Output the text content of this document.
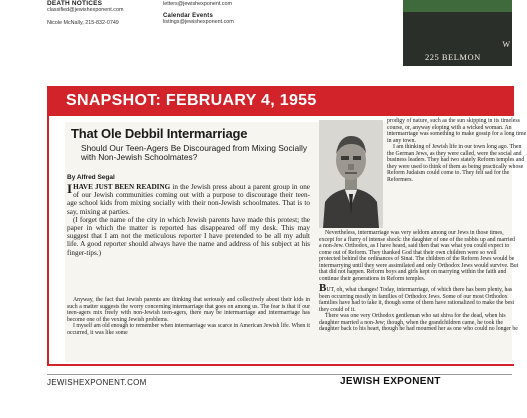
DEATH NOTICES

classified@jewishexponent.com

Nicole McNally, 215-832-0749

letters@jewishexponent.com

Calendar Events

listings@jewishexponent.com

W
225 BELMON
SNAPSHOT: FEBRUARY 4, 1955
That Ole Debbil Intermarriage
Should Our Teen-Agers Be Discouraged from Mixing Socially with Non-Jewish Schoolmates?
By Alfred Segal
IHAVE JUST BEEN READING in the Jewish press about a parent group in one of our Jewish communities coming out with a purpose to discourage their teen-age school kids from mixing socially with their non-Jewish schoolmates. That is to say, mixing at parties.
(I forget the name of the city in which Jewish parents have made this protest; the paper in which the matter is reported has disappeared off my desk. This may suggest that I am not the meticulous reporter I have pretended to be all my adult life. A good reporter should always have the name and address of his subject at his finger-tips.)

Anyway, the fact that Jewish parents are thinking that seriously and collectively about their kids in such a matter suggests the worry concerning intermarriage that goes on among us. The fear is that if our teen-agers mix freely with non-Jewish teen-agers, there may be intermarriage and intermarriage has become one of the vexing Jewish problems.

I myself am old enough to remember when intermarriage was scarce in American Jewish life. When it occurred, it was like some

prodigy of nature, such as the sun skipping in its timeless course, or, anyway eloping with a wicked woman. An intermarriage was something to make gossip for a long time in any town.

I am thinking of Jewish life in our town long ago. Then the German Jews, as they were called, were the social and business leaders. They had two stately Reform temples and they were used to think of them as being practically whose Reform Judaism could come to. They felt sad for the Reformers.

Nevertheless, intermarriage was very seldom among our Jews in those times, except for a flurry of intense shock: the daughter of one of the rabbis up and married a non-Jew. Orthodox, as I have heard, said then that was what you could expect to come out of Reform. They thanked God that their own children were so well protected behind the ordinances of Sinai. The children of the Reform Jews would be intermarrying until they were assimilated and only Orthodox Jews would survive. But that did not happen. Reform boys and girls kept on marrying within the faith and continue their generations in Reform temples.

BUT, oh, what changes! Today, intermarriage, of which there has been plenty, has been occurring mostly in families of Orthodox Jews. Some of our most Orthodox families have had to take it, though some of them have rationalized to make the best they could of it.

There was one very Orthodox gentleman who sat shiva for the dead, when his daughter married a non-Jew; though, when the grandchildren came, he took the daughter back to his heart, though he had mourned her as one who could no longer be

JEWISHEXPONENT.COM	JEWISH EXPONENT
